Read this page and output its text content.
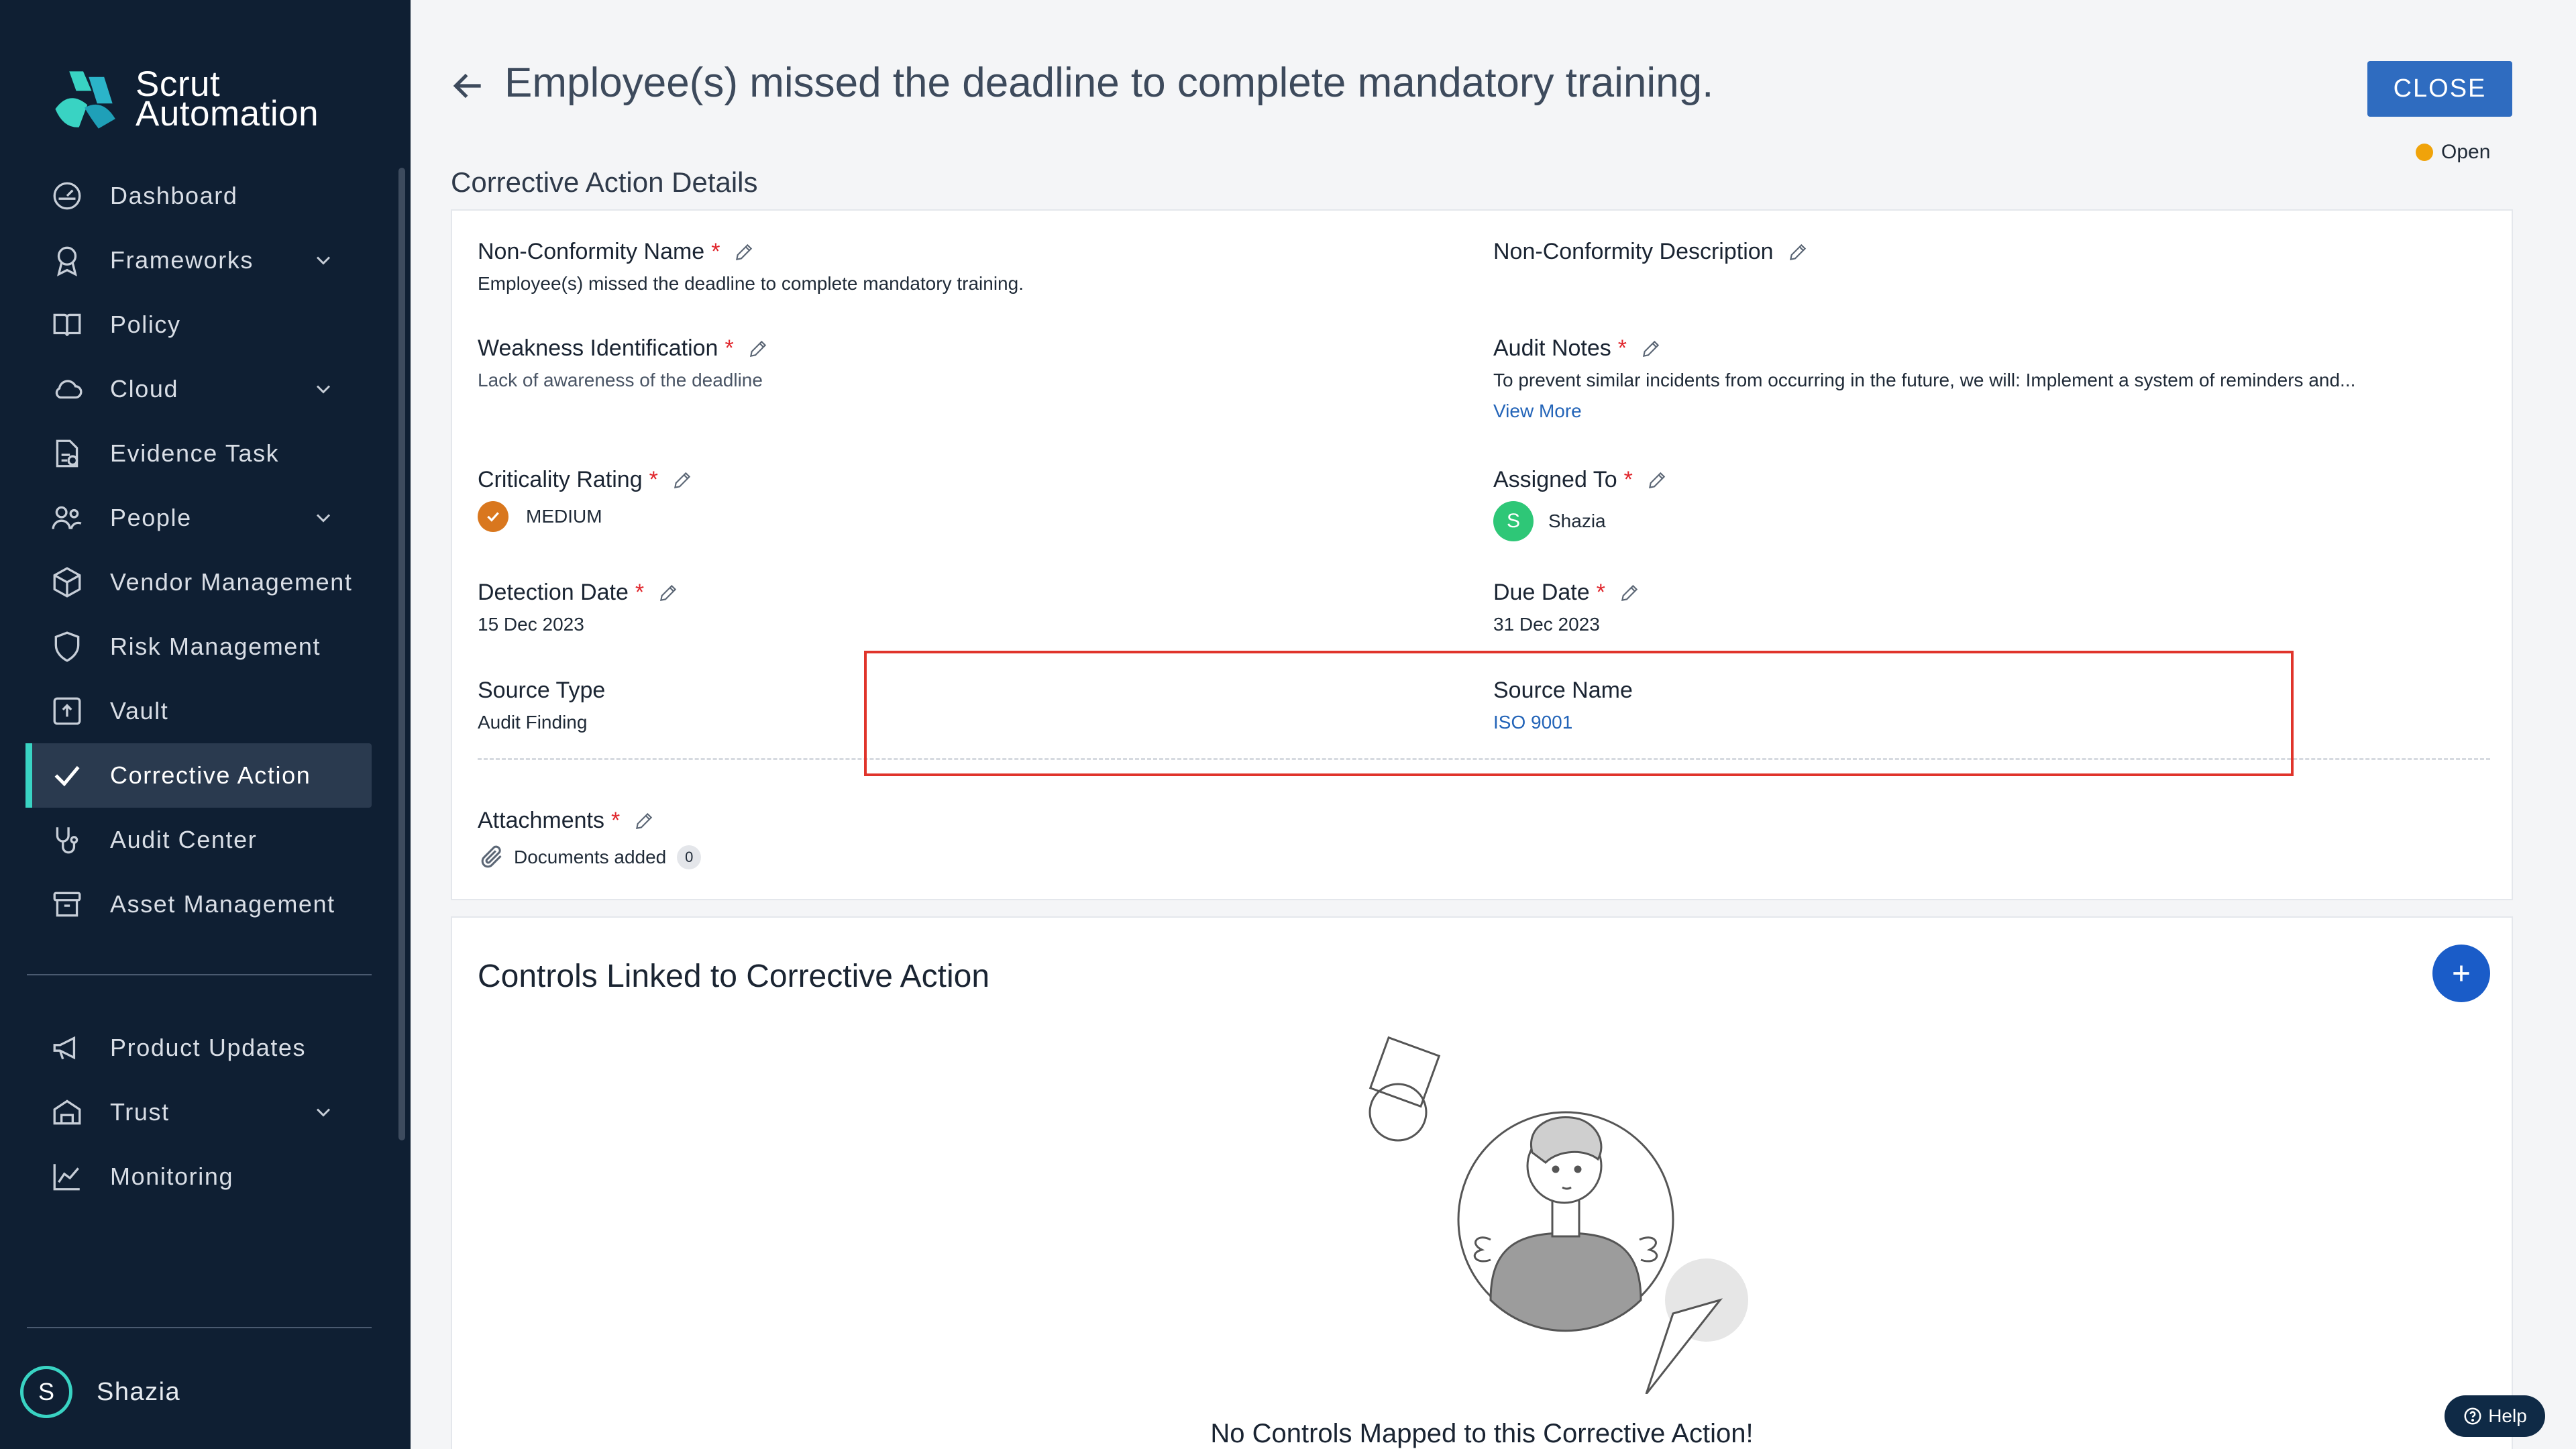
Scrut
Automation
Dashboard
Frameworks
Policy
Cloud
Evidence Task
People
Vendor Management
Risk Management
Vault
Corrective Action
Audit Center
Asset Management
Product Updates
Trust
Monitoring
S	Shazia
Employee(s) missed the deadline to complete mandatory training.	CLOSE
Open
Corrective Action Details
Non-Conformity Name *
Employee(s) missed the deadline to complete mandatory training.
Weakness Identification *
Lack of awareness of the deadline
Criticality Rating *
MEDIUM
Detection Date *
15 Dec 2023
Source Type
Audit Finding
Attachments *
Documents added	0
Non-Conformity Description
Audit Notes *
To prevent similar incidents from occurring in the future, we will: Implement a system of reminders and...
View More
Assigned To *
S	Shazia
Due Date *
31 Dec 2023
Source Name
ISO 9001
Controls Linked to Corrective Action
No Controls Mapped to this Corrective Action!
Help
